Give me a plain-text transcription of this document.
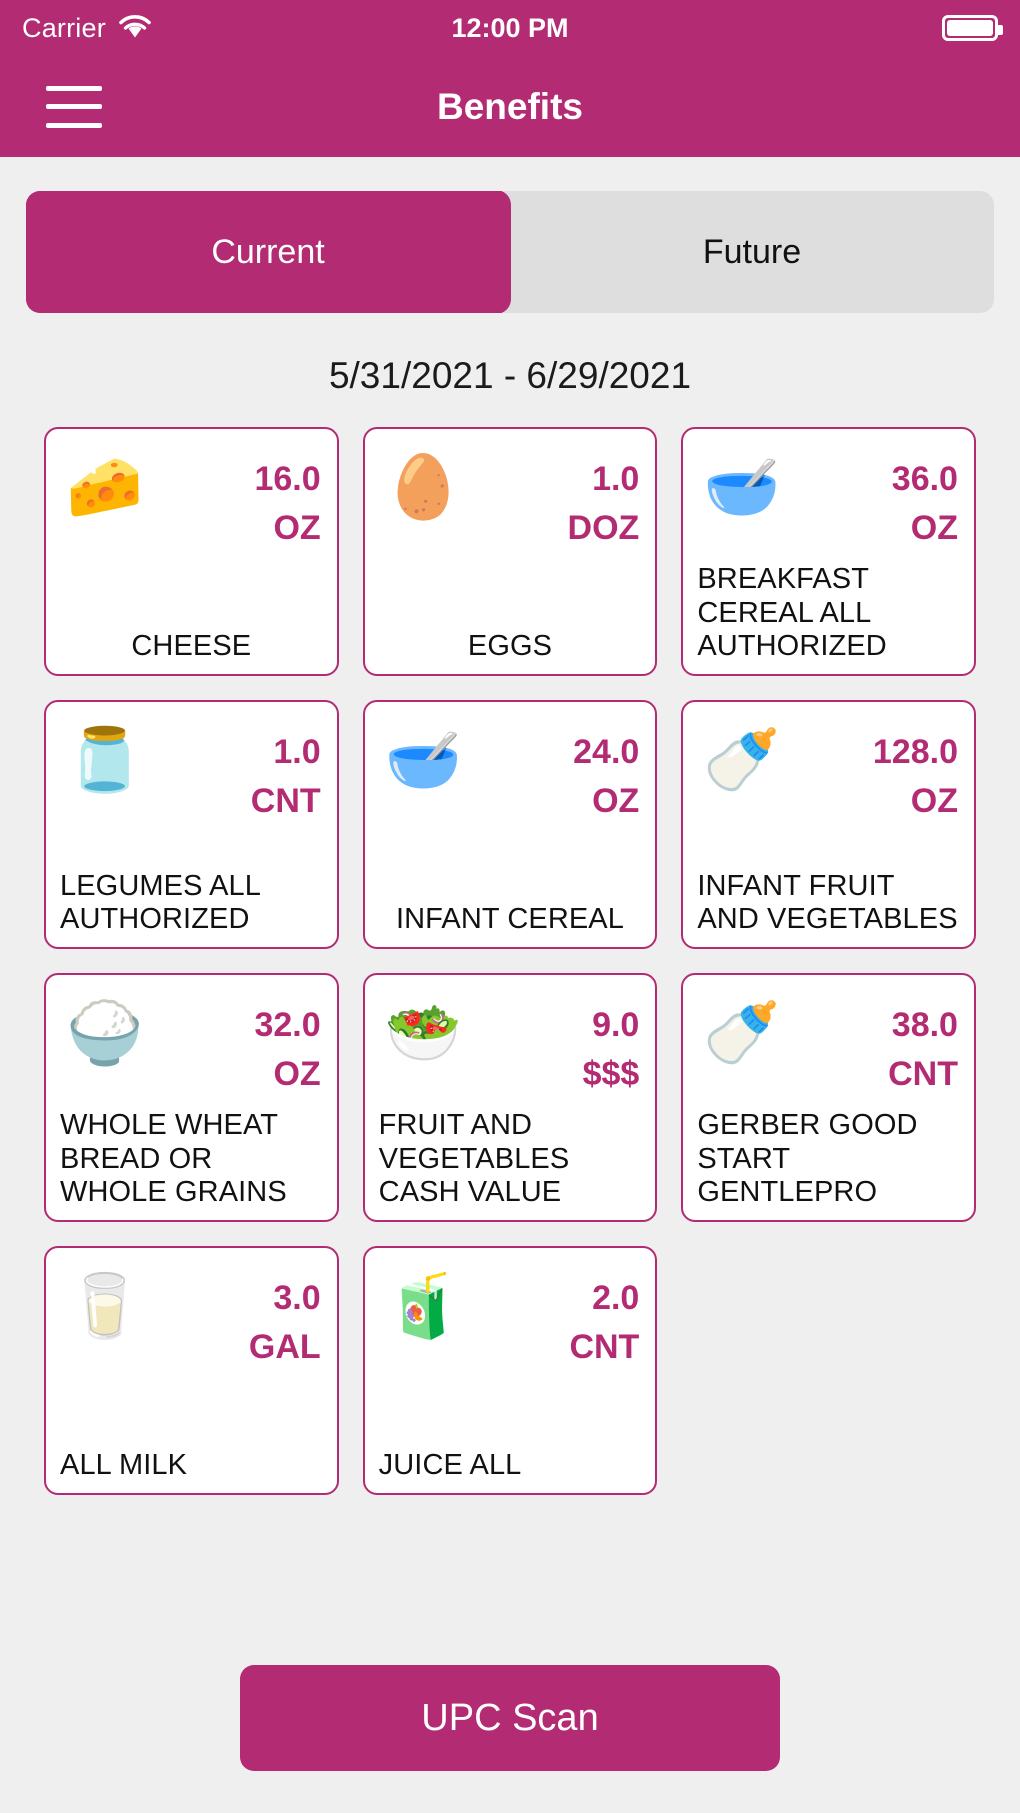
Carrier	12:00 PM
Benefits
Current	Future
5/31/2021 - 6/29/2021
🧀	16.0
OZ
CHEESE
🥚	1.0
DOZ
EGGS
🥣	36.0
OZ
BREAKFAST CEREAL ALL AUTHORIZED
🫙	1.0
CNT
LEGUMES ALL AUTHORIZED
🥣	24.0
OZ
INFANT CEREAL
🍼	128.0
OZ
INFANT FRUIT AND VEGETABLES
🍚	32.0
OZ
WHOLE WHEAT BREAD OR WHOLE GRAINS
🥗	9.0
$$$
FRUIT AND VEGETABLES CASH VALUE
🍼	38.0
CNT
GERBER GOOD START GENTLEPRO
🥛	3.0
GAL
ALL MILK
🧃	2.0
CNT
JUICE ALL
UPC Scan
